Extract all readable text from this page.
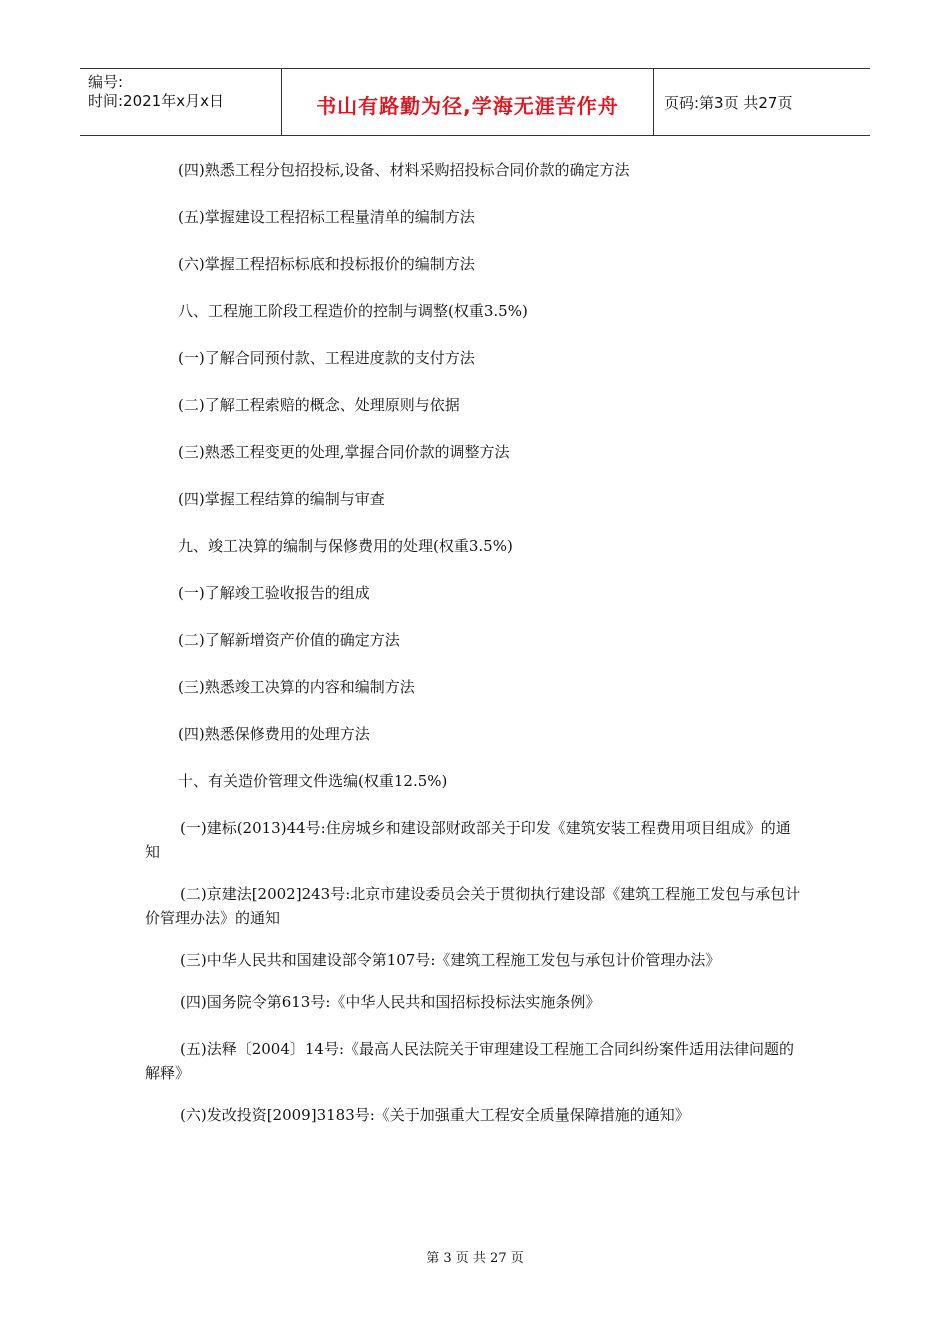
编号:
时间:2021年x月x日	书山有路勤为径,学海无涯苦作舟	页码:第3页 共27页

(四)熟悉工程分包招投标,设备、材料采购招投标合同价款的确定方法

(五)掌握建设工程招标工程量清单的编制方法

(六)掌握工程招标标底和投标报价的编制方法

八、工程施工阶段工程造价的控制与调整(权重3.5%)

(一)了解合同预付款、工程进度款的支付方法

(二)了解工程索赔的概念、处理原则与依据

(三)熟悉工程变更的处理,掌握合同价款的调整方法

(四)掌握工程结算的编制与审查

九、竣工决算的编制与保修费用的处理(权重3.5%)

(一)了解竣工验收报告的组成

(二)了解新增资产价值的确定方法

(三)熟悉竣工决算的内容和编制方法

(四)熟悉保修费用的处理方法

十、有关造价管理文件选编(权重12.5%)

(一)建标(2013)44号:住房城乡和建设部财政部关于印发《建筑安装工程费用项目组成》的通知

(二)京建法[2002]243号:北京市建设委员会关于贯彻执行建设部《建筑工程施工发包与承包计价管理办法》的通知

(三)中华人民共和国建设部令第107号:《建筑工程施工发包与承包计价管理办法》

(四)国务院令第613号:《中华人民共和国招标投标法实施条例》

(五)法释〔2004〕14号:《最高人民法院关于审理建设工程施工合同纠纷案件适用法律问题的解释》

(六)发改投资[2009]3183号:《关于加强重大工程安全质量保障措施的通知》

第 3 页 共 27 页
